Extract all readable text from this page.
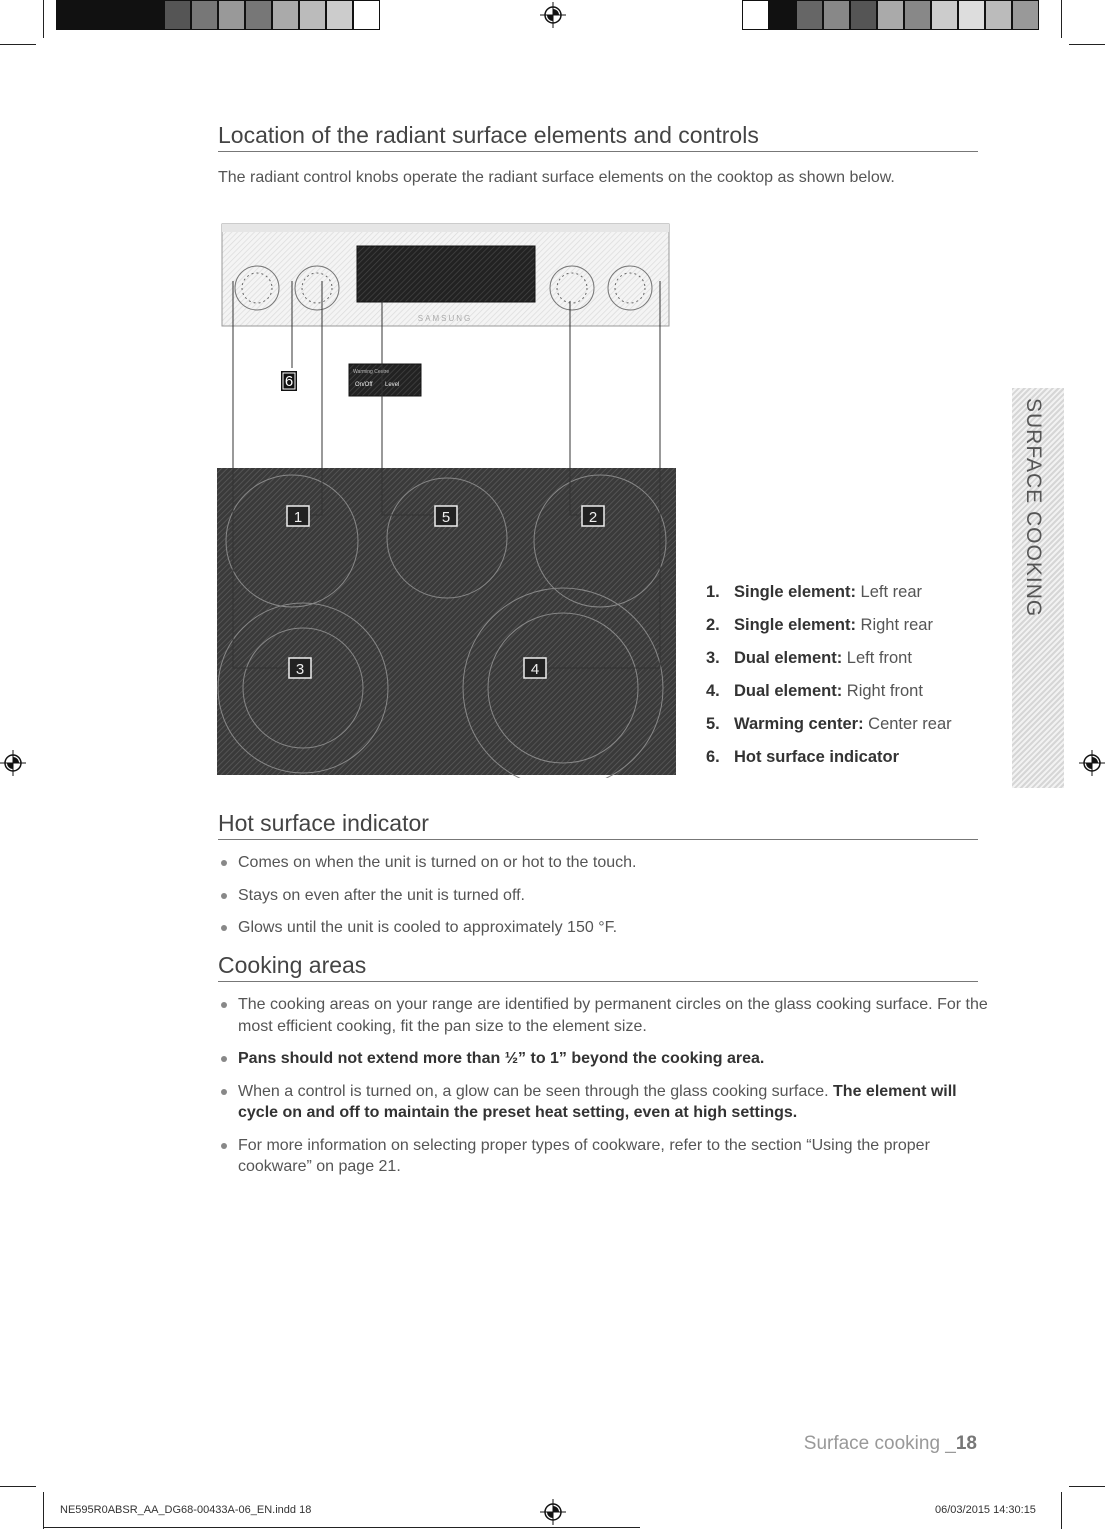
Location of the radiant surface elements and controls
The radiant control knobs operate the radiant surface elements on the cooktop as shown below.
SAMSUNG
Warming Centre
On/Off Level
6
1	5	2
3	4
1. Single element: Left rear
2. Single element: Right rear
3. Dual element: Left front
4. Dual element: Right front
5. Warming center: Center rear
6. Hot surface indicator
SURFACE COOKING
Hot surface indicator
Comes on when the unit is turned on or hot to the touch.
Stays on even after the unit is turned off.
Glows until the unit is cooled to approximately 150 °F.
Cooking areas
The cooking areas on your range are identified by permanent circles on the glass cooking surface. For the most efficient cooking, fit the pan size to the element size.
Pans should not extend more than ½” to 1” beyond the cooking area.
When a control is turned on, a glow can be seen through the glass cooking surface. The element will cycle on and off to maintain the preset heat setting, even at high settings.
For more information on selecting proper types of cookware, refer to the section “Using the proper cookware” on page 21.
Surface cooking _18
NE595R0ABSR_AA_DG68-00433A-06_EN.indd 18	06/03/2015 14:30:15
